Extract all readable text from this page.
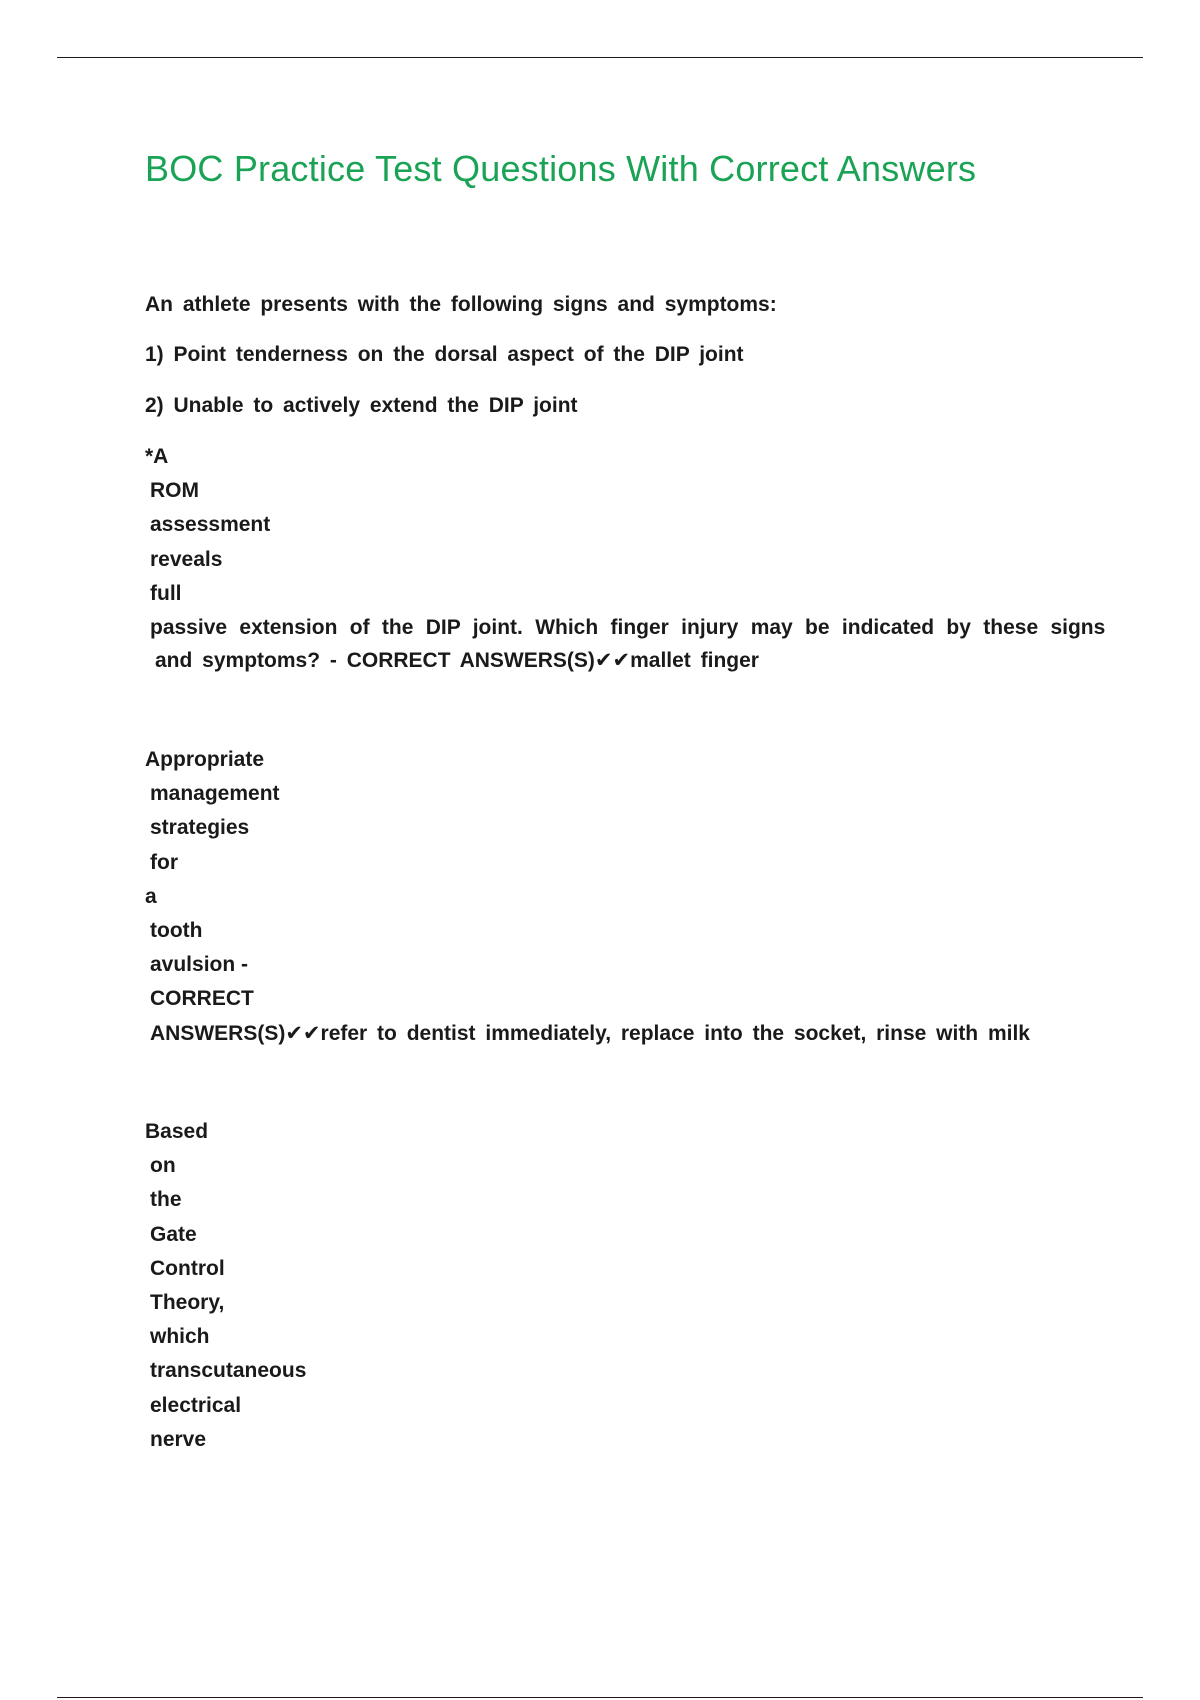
BOC Practice Test Questions With Correct Answers

An athlete presents with the following signs and symptoms:

1) Point tenderness on the dorsal aspect of the DIP joint

2) Unable to actively extend the DIP joint

*A
ROM
assessment
reveals
full
passive extension of the DIP joint. Which finger injury may be indicated by these signs
and symptoms? - CORRECT ANSWERS(S)✔✔mallet finger
Appropriate
management
strategies
for
a
tooth
avulsion -
CORRECT
ANSWERS(S)✔✔refer to dentist immediately, replace into the socket, rinse with milk
Based
on
the
Gate
Control
Theory,
which
transcutaneous
electrical
nerve
